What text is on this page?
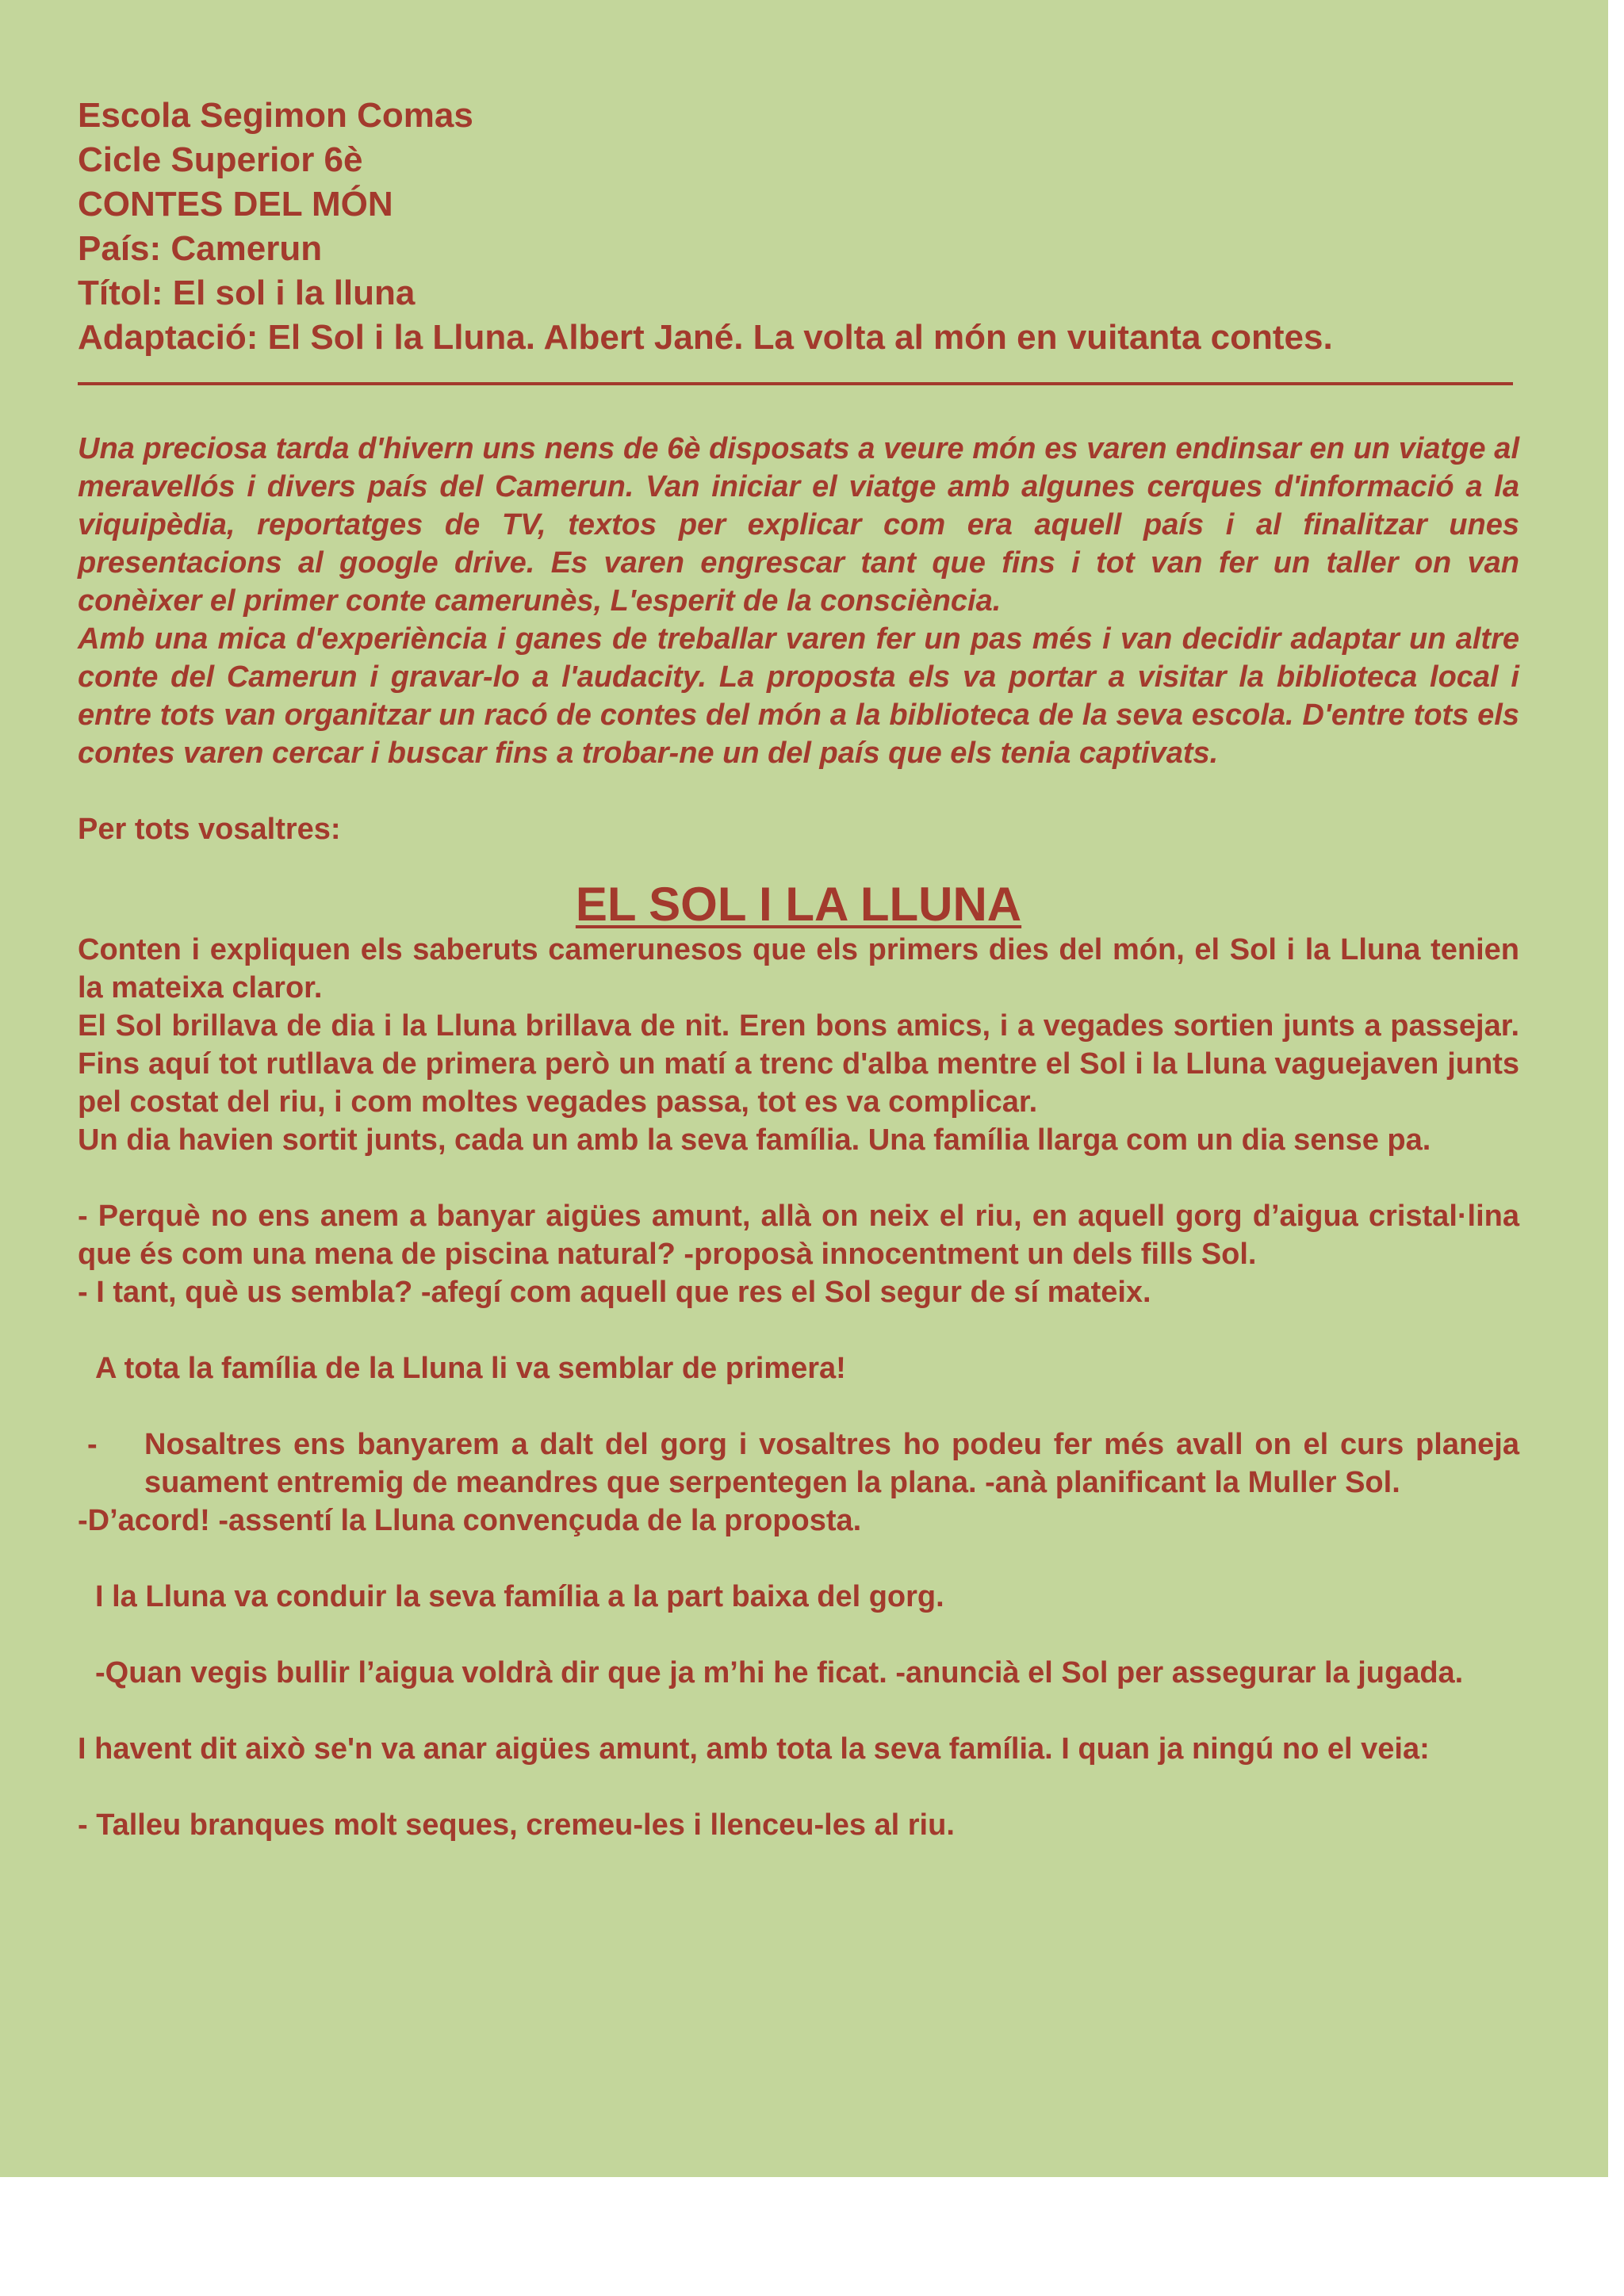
Escola Segimon Comas

Cicle Superior 6è

CONTES DEL MÓN

País: Camerun

Títol: El sol i la lluna

Adaptació: El Sol i la Lluna. Albert Jané. La volta al món en vuitanta contes.

Una preciosa tarda d'hivern uns nens de 6è disposats a veure món es varen endinsar en un viatge al meravellós i divers país del Camerun. Van iniciar el viatge amb algunes cerques d'informació a la viquipèdia, reportatges de TV, textos per explicar com era aquell país i al finalitzar unes presentacions al google drive. Es varen engrescar tant que fins i tot van fer un taller on van conèixer el primer conte camerunès, L'esperit de la consciència.

Amb una mica d'experiència i ganes de treballar varen fer un pas més i van decidir adaptar un altre conte del Camerun i gravar-lo a l'audacity. La proposta els va portar a visitar la biblioteca local i entre tots van organitzar un racó de contes del món a la biblioteca de la seva escola. D'entre tots els contes varen cercar i buscar fins a trobar-ne un del país que els tenia captivats.

Per tots vosaltres:
EL SOL I LA LLUNA

Conten i expliquen els saberuts camerunesos que els primers dies del món, el Sol i la Lluna tenien la mateixa claror.

El Sol brillava de dia i la Lluna brillava de nit. Eren bons amics, i a vegades sortien junts a passejar. Fins aquí tot rutllava de primera però un matí a trenc d'alba mentre el Sol i la Lluna vaguejaven junts pel costat del riu, i com moltes vegades passa, tot es va complicar.

Un dia havien sortit junts, cada un amb la seva família. Una família llarga com un dia sense pa.

- Perquè no ens anem a banyar aigües amunt, allà on neix el riu, en aquell gorg d’aigua cristal·lina que és com una mena de piscina natural? -proposà innocentment un dels fills Sol.

- I tant, què us sembla? -afegí com aquell que res el Sol segur de sí mateix.

A tota la família de la Lluna li va semblar de primera!

-	Nosaltres ens banyarem a dalt del gorg i vosaltres ho podeu fer més avall on el curs planeja suament entremig de meandres que serpentegen la plana. -anà planificant la Muller Sol.

-D’acord! -assentí la Lluna convençuda de la proposta.

I la Lluna va conduir la seva família a la part baixa del gorg.

-Quan vegis bullir l’aigua voldrà dir que ja m’hi he ficat. -anuncià el Sol per assegurar la jugada.

I havent dit això se'n va anar aigües amunt, amb tota la seva família. I quan ja ningú no el veia:

- Talleu branques molt seques, cremeu-les i llenceu-les al riu.
